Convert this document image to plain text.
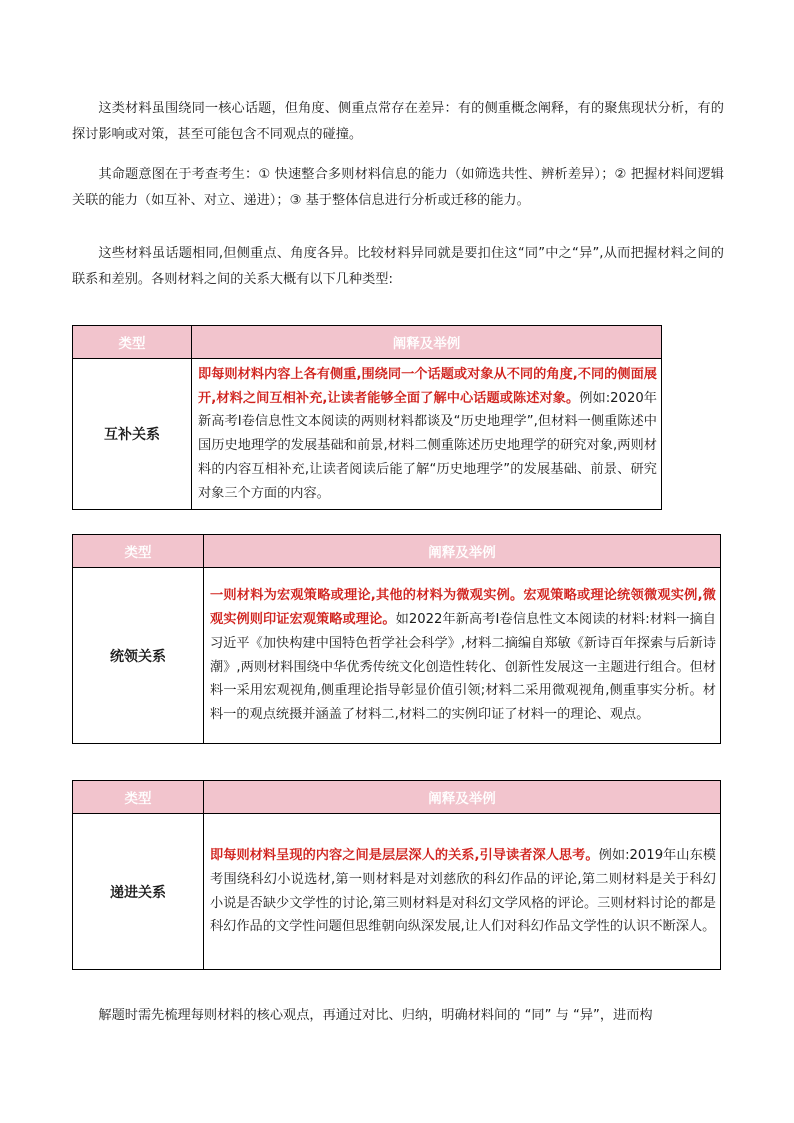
这类材料虽围绕同一核心话题，但角度、侧重点常存在差异：有的侧重概念阐释，有的聚焦现状分析，有的探讨影响或对策，甚至可能包含不同观点的碰撞。

其命题意图在于考查考生：① 快速整合多则材料信息的能力（如筛选共性、辨析差异）；② 把握材料间逻辑关联的能力（如互补、对立、递进）；③ 基于整体信息进行分析或迁移的能力。

这些材料虽话题相同,但侧重点、角度各异。比较材料异同就是要扣住这“同”中之“异”,从而把握材料之间的联系和差别。各则材料之间的关系大概有以下几种类型:

类型	阐释及举例
互补关系	即每则材料内容上各有侧重,围绕同一个话题或对象从不同的角度,不同的侧面展开,材料之间互相补充,让读者能够全面了解中心话题或陈述对象。例如:2020年新高考Ⅰ卷信息性文本阅读的两则材料都谈及“历史地理学”,但材料一侧重陈述中国历史地理学的发展基础和前景,材料二侧重陈述历史地理学的研究对象,两则材料的内容互相补充,让读者阅读后能了解“历史地理学”的发展基础、前景、研究对象三个方面的内容。
类型	阐释及举例
统领关系	一则材料为宏观策略或理论,其他的材料为微观实例。宏观策略或理论统领微观实例,微观实例则印证宏观策略或理论。如2022年新高考Ⅰ卷信息性文本阅读的材料:材料一摘自习近平《加快构建中国特色哲学社会科学》,材料二摘编自郑敏《新诗百年探索与后新诗潮》,两则材料围绕中华优秀传统文化创造性转化、创新性发展这一主题进行组合。但材料一采用宏观视角,侧重理论指导彰显价值引领;材料二采用微观视角,侧重事实分析。材料一的观点统摄并涵盖了材料二,材料二的实例印证了材料一的理论、观点。
类型	阐释及举例
递进关系	即每则材料呈现的内容之间是层层深人的关系,引导读者深人思考。例如:2019年山东模考围绕科幻小说选材,第一则材料是对刘慈欣的科幻作品的评论,第二则材料是关于科幻小说是否缺少文学性的讨论,第三则材料是对科幻文学风格的评论。三则材料讨论的都是科幻作品的文学性问题但思维朝向纵深发展,让人们对科幻作品文学性的认识不断深人。

解题时需先梳理每则材料的核心观点，再通过对比、归纳，明确材料间的 “同” 与 “异”，进而构
